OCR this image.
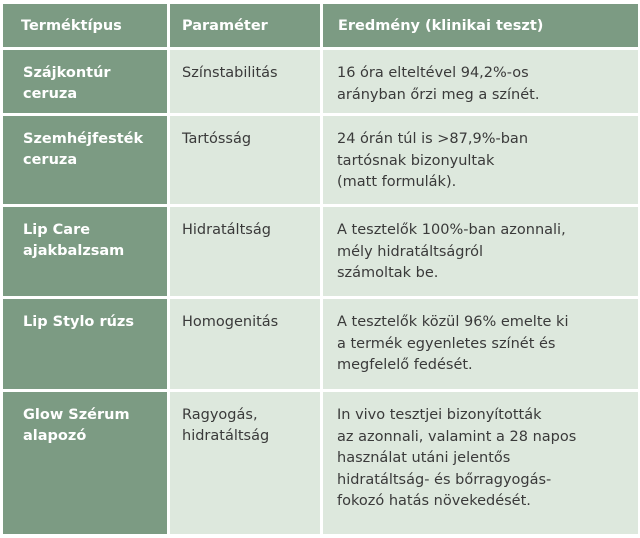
Terméktípus	Paraméter	Eredmény (klinikai teszt)
Szájkontúr ceruza	Színstabilitás	16 óra elteltével 94,2%-os
arányban őrzi meg a színét.
Szemhéjfesték ceruza	Tartósság	24 órán túl is >87,9%-ban
tartósnak bizonyultak
(matt formulák).
Lip Care ajakbalzsam	Hidratáltság	A tesztelők 100%-ban azonnali,
mély hidratáltságról
számoltak be.
Lip Stylo rúzs	Homogenitás	A tesztelők közül 96% emelte ki
a termék egyenletes színét és
megfelelő fedését.
Glow Szérum alapozó	Ragyogás, hidratáltság	In vivo tesztjei bizonyították
az azonnali, valamint a 28 napos
használat utáni jelentős
hidratáltság- és bőrragyogás-
fokozó hatás növekedését.
